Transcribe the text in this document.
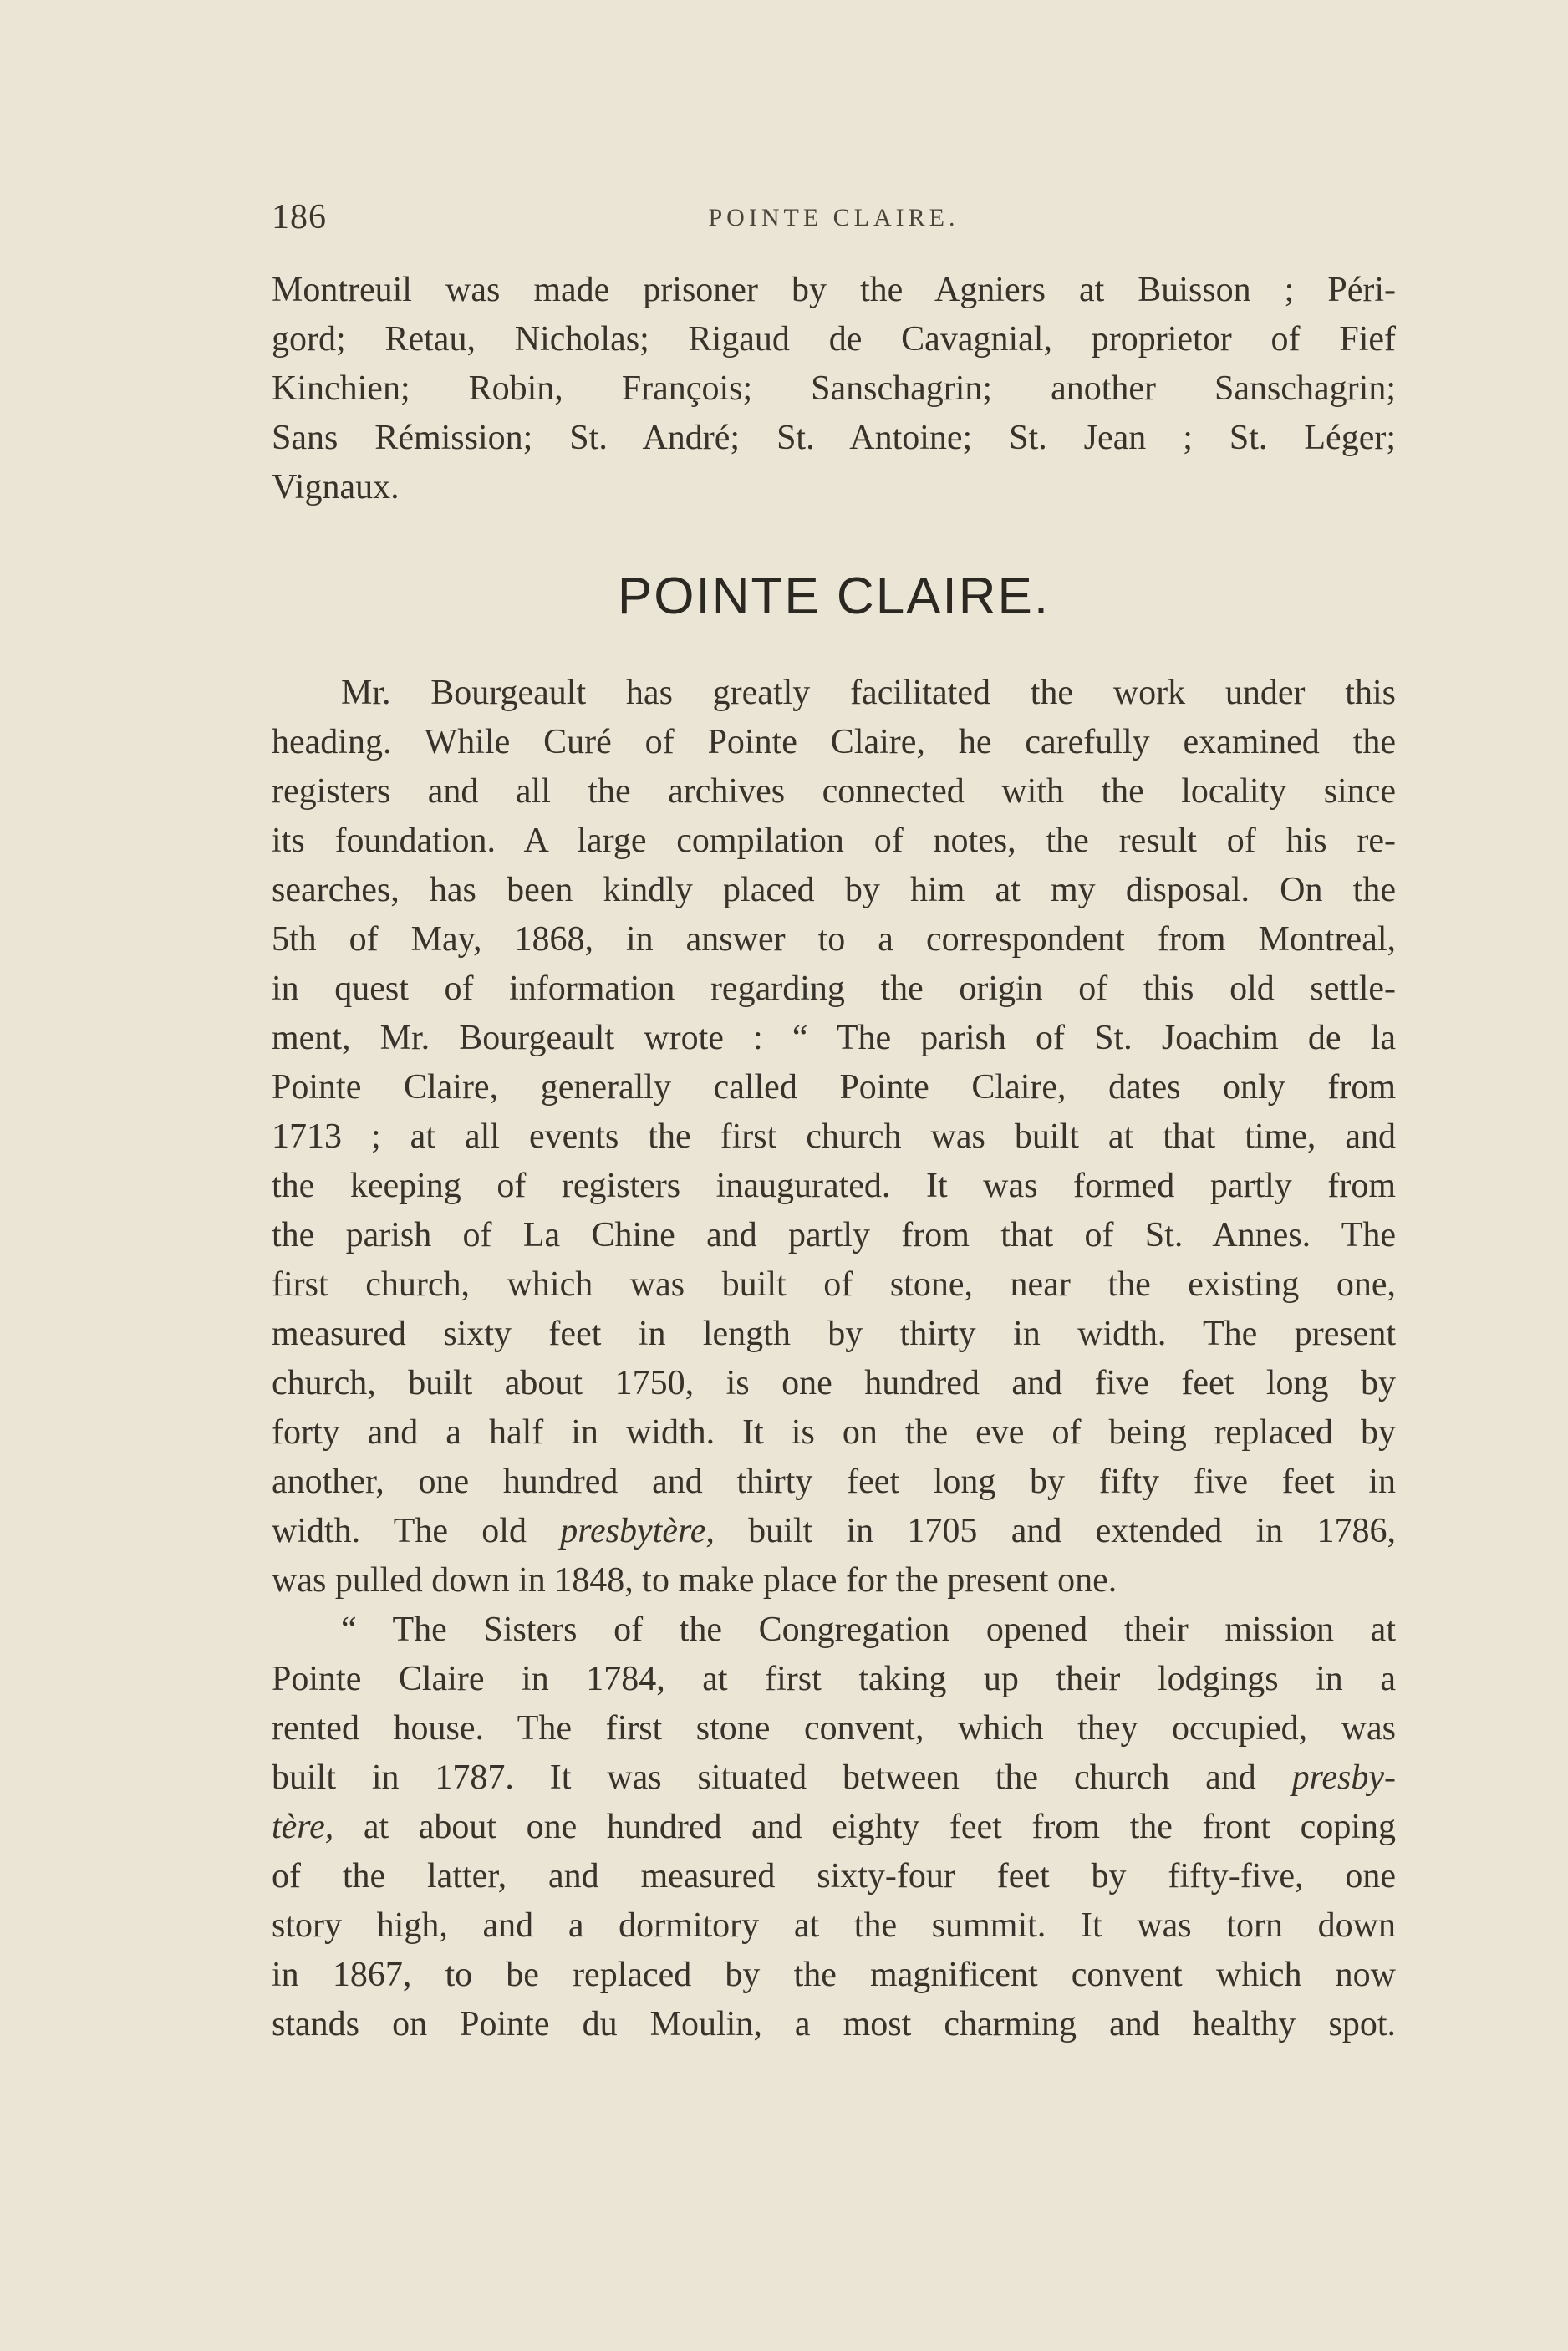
186	POINTE CLAIRE.
Montreuil was made prisoner by the Agniers at Buisson ; Péri-
gord; Retau, Nicholas; Rigaud de Cavagnial, proprietor of Fief
Kinchien; Robin, François; Sanschagrin; another Sanschagrin;
Sans Rémission; St. André; St. Antoine; St. Jean ; St. Léger;
Vignaux.
POINTE CLAIRE.
Mr. Bourgeault has greatly facilitated the work under this
heading. While Curé of Pointe Claire, he carefully examined the
registers and all the archives connected with the locality since
its foundation. A large compilation of notes, the result of his re-
searches, has been kindly placed by him at my disposal. On the
5th of May, 1868, in answer to a correspondent from Montreal,
in quest of information regarding the origin of this old settle-
ment, Mr. Bourgeault wrote : “ The parish of St. Joachim de la
Pointe Claire, generally called Pointe Claire, dates only from
1713 ; at all events the first church was built at that time, and
the keeping of registers inaugurated. It was formed partly from
the parish of La Chine and partly from that of St. Annes. The
first church, which was built of stone, near the existing one,
measured sixty feet in length by thirty in width. The present
church, built about 1750, is one hundred and five feet long by
forty and a half in width. It is on the eve of being replaced by
another, one hundred and thirty feet long by fifty five feet in
width. The old presbytère, built in 1705 and extended in 1786,
was pulled down in 1848, to make place for the present one.
“ The Sisters of the Congregation opened their mission at
Pointe Claire in 1784, at first taking up their lodgings in a
rented house. The first stone convent, which they occupied, was
built in 1787. It was situated between the church and presby-
tère, at about one hundred and eighty feet from the front coping
of the latter, and measured sixty-four feet by fifty-five, one
story high, and a dormitory at the summit. It was torn down
in 1867, to be replaced by the magnificent convent which now
stands on Pointe du Moulin, a most charming and healthy spot.
